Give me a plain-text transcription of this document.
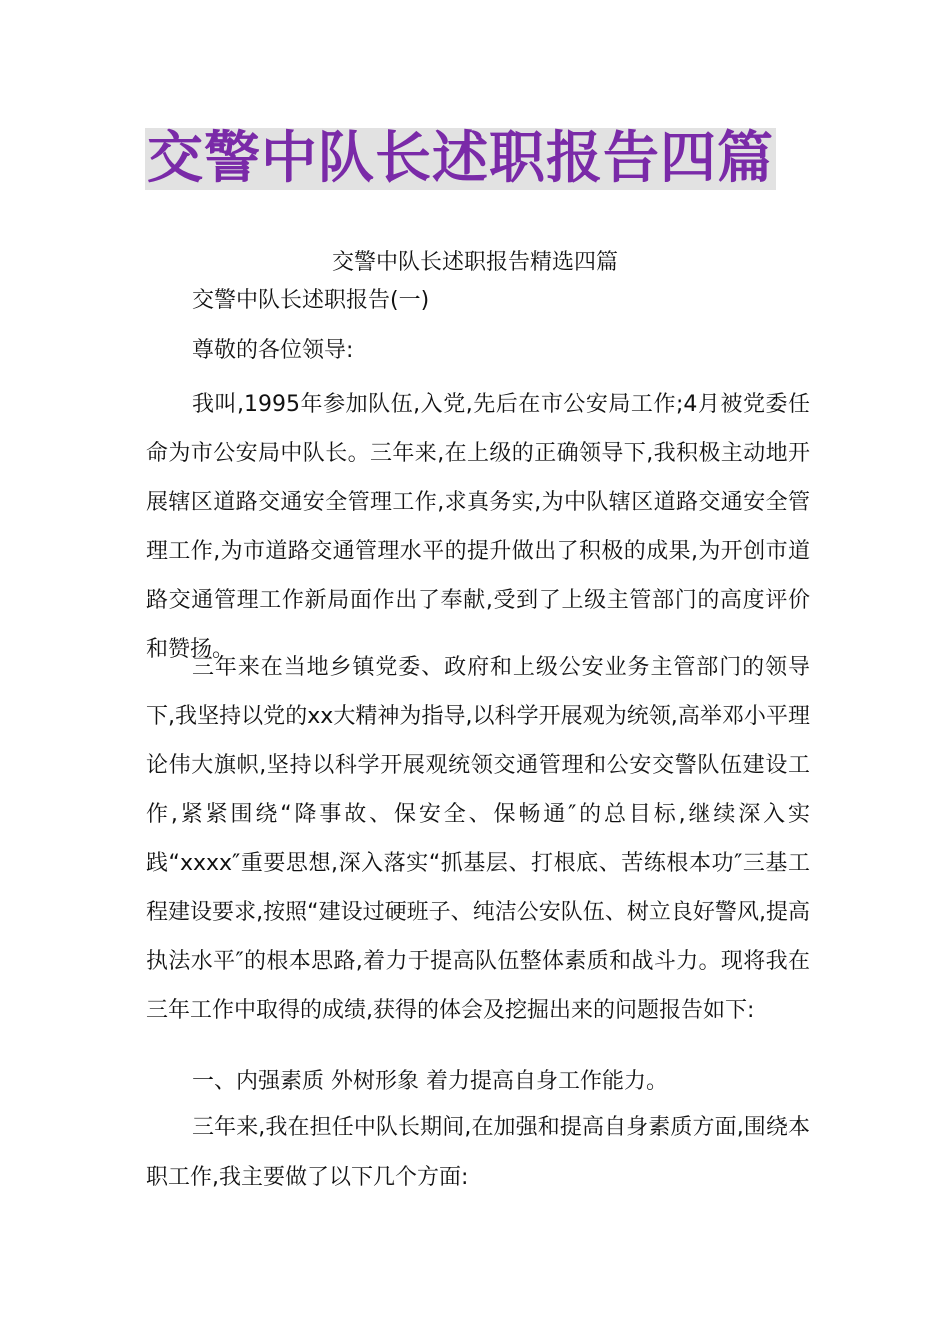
交警中队长述职报告四篇
交警中队长述职报告精选四篇
交警中队长述职报告(一)
尊敬的各位领导:
我叫,1995年参加队伍,入党,先后在市公安局工作;4月被党委任命为市公安局中队长。三年来,在上级的正确领导下,我积极主动地开展辖区道路交通安全管理工作,求真务实,为中队辖区道路交通安全管理工作,为市道路交通管理水平的提升做出了积极的成果,为开创市道路交通管理工作新局面作出了奉献,受到了上级主管部门的高度评价和赞扬。
三年来在当地乡镇党委、政府和上级公安业务主管部门的领导下,我坚持以党的xx大精神为指导,以科学开展观为统领,高举邓小平理论伟大旗帜,坚持以科学开展观统领交通管理和公安交警队伍建设工作,紧紧围绕“降事故、保安全、保畅通″的总目标,继续深入实践“xxxx″重要思想,深入落实“抓基层、打根底、苦练根本功″三基工程建设要求,按照“建设过硬班子、纯洁公安队伍、树立良好警风,提高执法水平″的根本思路,着力于提高队伍整体素质和战斗力。现将我在三年工作中取得的成绩,获得的体会及挖掘出来的问题报告如下:
一、内强素质 外树形象 着力提高自身工作能力。
三年来,我在担任中队长期间,在加强和提高自身素质方面,围绕本职工作,我主要做了以下几个方面:
